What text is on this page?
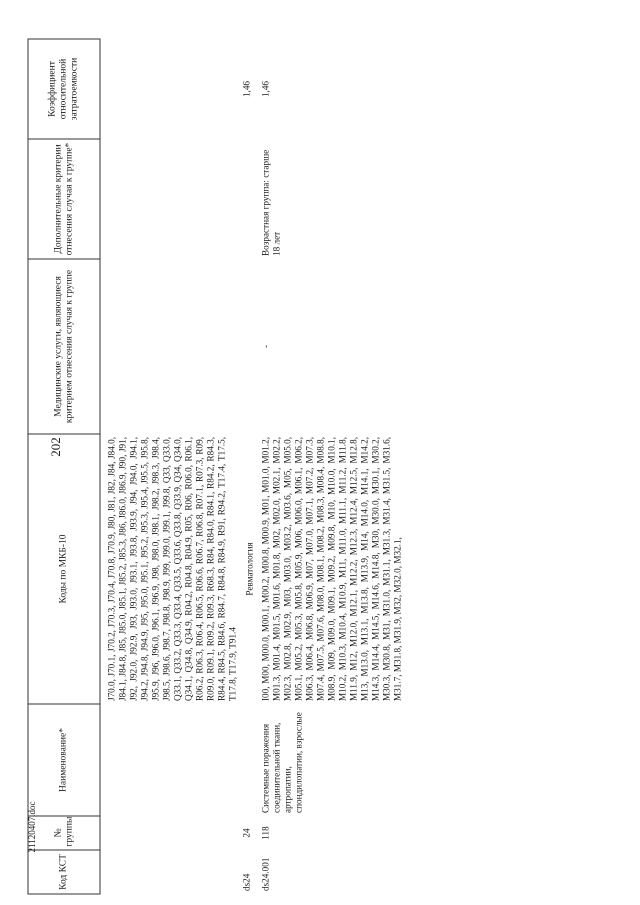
202
21120407.doc
Код КСТ	№ группы	Наименование*	Коды по МКБ-10	Медицинские услуги, являющиеся критерием отнесения случая к группе	Дополнительные критерии отнесения случая к группе*	Коэффициент относительной затратоемкости
			J70.0, J70.1, J70.2, J70.3, J70.4, J70.8, J70.9, J80, J81, J82, J84, J84.0, J84.1, J84.8, J85, J85.0, J85.1, J85.2, J85.3, J86, J86.0, J86.9, J90, J91, J92, J92.0, J92.9, J93, J93.0, J93.1, J93.8, J93.9, J94, J94.0, J94.1, J94.2, J94.8, J94.9, J95, J95.0, J95.1, J95.2, J95.3, J95.4, J95.5, J95.8, J95.9, J96, J96.0, J96.1, J96.9, J98, J98.0, J98.1, J98.2, J98.3, J98.4, J98.5, J98.6, J98.7, J98.8, J98.9, J99, J99.0, J99.1, J99.8, Q33, Q33.0, Q33.1, Q33.2, Q33.3, Q33.4, Q33.5, Q33.6, Q33.8, Q33.9, Q34, Q34.0, Q34.1, Q34.8, Q34.9, R04.2, R04.8, R04.9, R05, R06, R06.0, R06.1, R06.2, R06.3, R06.4, R06.5, R06.6, R06.7, R06.8, R07.1, R07.3, R09, R09.0, R09.1, R09.2, R09.3, R68.3, R84, R84.0, R84.1, R84.2, R84.3, R84.4, R84.5, R84.6, R84.7, R84.8, R84.9, R91, R94.2, T17.4, T17.5, T17.8, T17.9, T91.4			
ds24	24		Ревматология			1,46
ds24.001	118	Системные поражения соединительной ткани, артропатии, спондилопатии, взрослые	I00, M00, M00.0, M00.1, M00.2, M00.8, M00.9, M01, M01.0, M01.2, M01.3, M01.4, M01.5, M01.6, M01.8, M02, M02.0, M02.1, M02.2, M02.3, M02.8, M02.9, M03, M03.0, M03.2, M03.6, M05, M05.0, M05.1, M05.2, M05.3, M05.8, M05.9, M06, M06.0, M06.1, M06.2, M06.3, M06.4, M06.8, M06.9, M07, M07.0, M07.1, M07.2, M07.3, M07.4, M07.5, M07.6, M08.0, M08.1, M08.2, M08.3, M08.4, M08.8, M08.9, M09, M09.0, M09.1, M09.2, M09.8, M10, M10.0, M10.1, M10.2, M10.3, M10.4, M10.9, M11, M11.0, M11.1, M11.2, M11.8, M11.9, M12, M12.0, M12.1, M12.2, M12.3, M12.4, M12.5, M12.8, M13, M13.0, M13.1, M13.8, M13.9, M14, M14.0, M14.1, M14.2, M14.3, M14.4, M14.5, M14.6, M14.8, M30, M30.0, M30.1, M30.2, M30.3, M30.8, M31, M31.0, M31.1, M31.3, M31.4, M31.5, M31.6, M31.7, M31.8, M31.9, M32, M32.0, M32.1,	-	Возрастная группа: старше 18 лет	1,46
